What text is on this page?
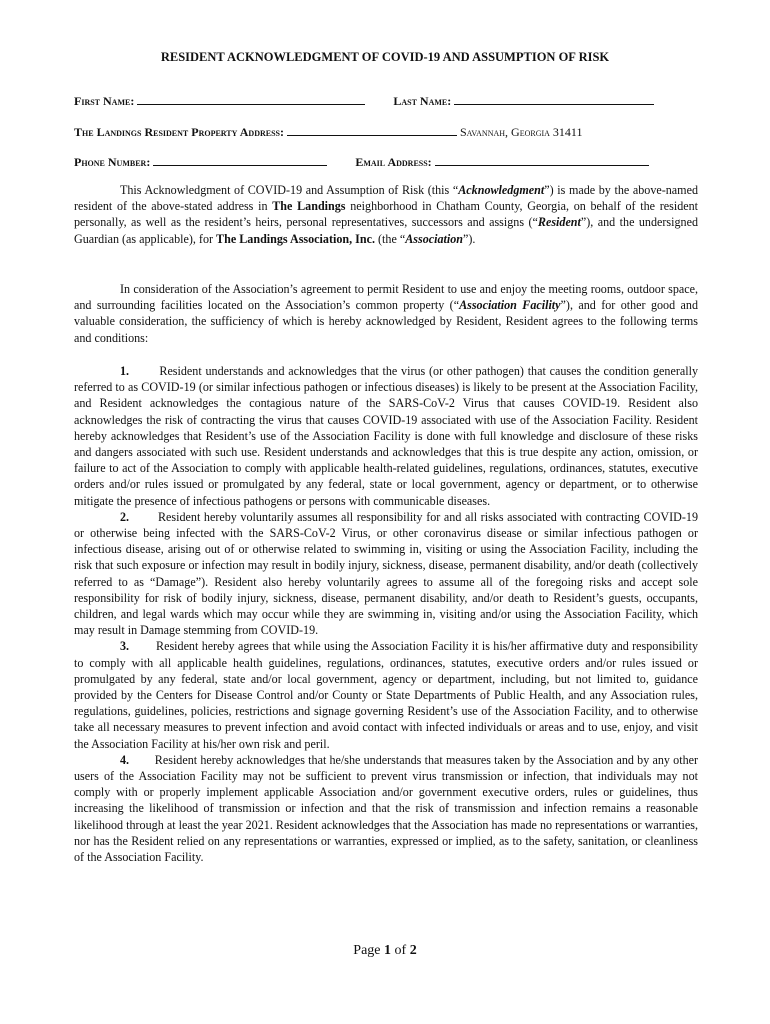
RESIDENT ACKNOWLEDGMENT OF COVID-19 AND ASSUMPTION OF RISK
First Name:	Last Name:
The Landings Resident Property Address:	Savannah, Georgia 31411
Phone Number:	Email Address:

This Acknowledgment of COVID-19 and Assumption of Risk (this “Acknowledgment”) is made by the above-named resident of the above-stated address in The Landings neighborhood in Chatham County, Georgia, on behalf of the resident personally, as well as the resident’s heirs, personal representatives, successors and assigns (“Resident”), and the undersigned Guardian (as applicable), for The Landings Association, Inc. (the “Association”).

In consideration of the Association’s agreement to permit Resident to use and enjoy the meeting rooms, outdoor space, and surrounding facilities located on the Association’s common property (“Association Facility”), and for other good and valuable consideration, the sufficiency of which is hereby acknowledged by Resident, Resident agrees to the following terms and conditions:

1.	Resident understands and acknowledges that the virus (or other pathogen) that causes the condition generally referred to as COVID-19 (or similar infectious pathogen or infectious diseases) is likely to be present at the Association Facility, and Resident acknowledges the contagious nature of the SARS-CoV-2 Virus that causes COVID-19. Resident also acknowledges the risk of contracting the virus that causes COVID-19 associated with use of the Association Facility. Resident hereby acknowledges that Resident’s use of the Association Facility is done with full knowledge and disclosure of these risks and dangers associated with such use. Resident understands and acknowledges that this is true despite any action, omission, or failure to act of the Association to comply with applicable health-related guidelines, regulations, ordinances, statutes, executive orders and/or rules issued or promulgated by any federal, state or local government, agency or department, or to otherwise mitigate the presence of infectious pathogens or persons with communicable diseases.

2. Resident hereby voluntarily assumes all responsibility for and all risks associated with contracting COVID-19 or otherwise being infected with the SARS-CoV-2 Virus, or other coronavirus disease or similar infectious pathogen or infectious disease, arising out of or otherwise related to swimming in, visiting or using the Association Facility, including the risk that such exposure or infection may result in bodily injury, sickness, disease, permanent disability, and/or death (collectively referred to as “Damage”). Resident also hereby voluntarily agrees to assume all of the foregoing risks and accept sole responsibility for risk of bodily injury, sickness, disease, permanent disability, and/or death to Resident’s guests, occupants, children, and legal wards which may occur while they are swimming in, visiting and/or using the Association Facility, which may result in Damage stemming from COVID-19.

3. Resident hereby agrees that while using the Association Facility it is his/her affirmative duty and responsibility to comply with all applicable health guidelines, regulations, ordinances, statutes, executive orders and/or rules issued or promulgated by any federal, state and/or local government, agency or department, including, but not limited to, guidance provided by the Centers for Disease Control and/or County or State Departments of Public Health, and any Association rules, regulations, guidelines, policies, restrictions and signage governing Resident’s use of the Association Facility, and to otherwise take all necessary measures to prevent infection and avoid contact with infected individuals or areas and to use, enjoy, and visit the Association Facility at his/her own risk and peril.

4. Resident hereby acknowledges that he/she understands that measures taken by the Association and by any other users of the Association Facility may not be sufficient to prevent virus transmission or infection, that individuals may not comply with or properly implement applicable Association and/or government executive orders, rules or guidelines, thus increasing the likelihood of transmission or infection and that the risk of transmission and infection remains a reasonable likelihood through at least the year 2021. Resident acknowledges that the Association has made no representations or warranties, nor has the Resident relied on any representations or warranties, expressed or implied, as to the safety, sanitation, or cleanliness of the Association Facility.

Page 1 of 2
